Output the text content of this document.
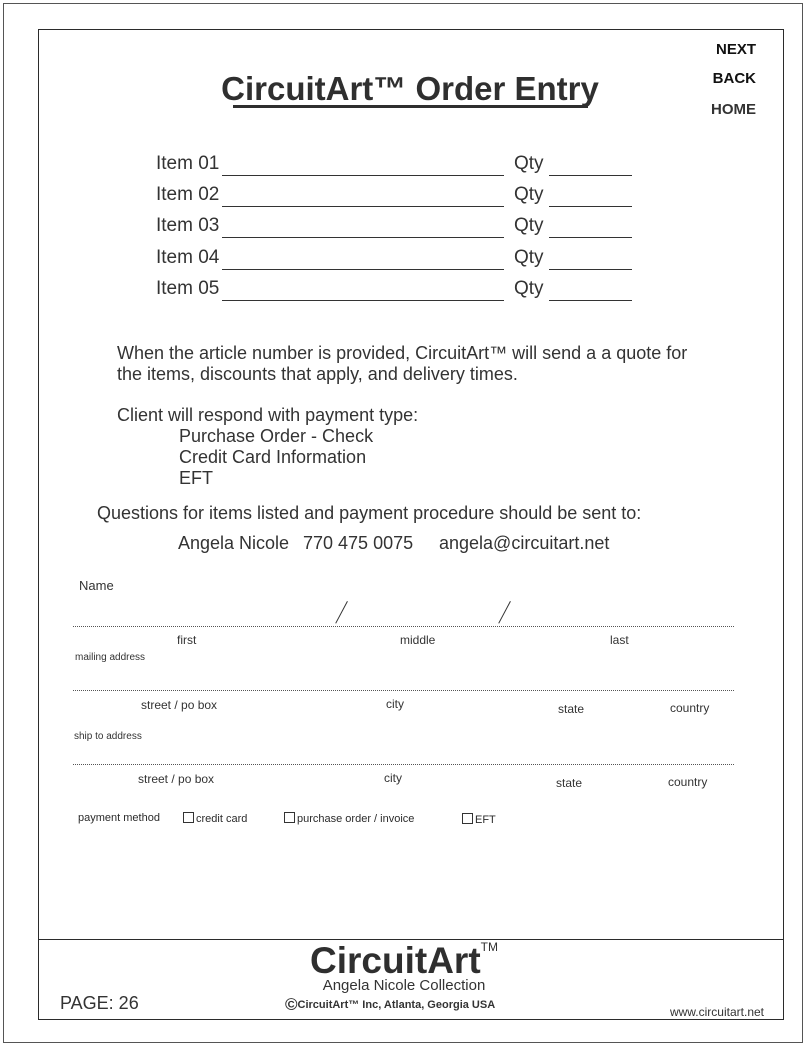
NEXT
BACK
HOME
CircuitArt™ Order Entry
Item 01	Qty
Item 02	Qty
Item 03	Qty
Item 04	Qty
Item 05	Qty
When the article number is provided, CircuitArt™ will send a a quote for
the items, discounts that apply, and delivery times.
Client will respond with payment type:
Purchase Order - Check
Credit Card Information
EFT
Questions for items listed and payment procedure should be sent to:
Angela Nicole 770 475 0075 angela@circuitart.net
Name
first	middle	last
mailing address
street / po box	city	state	country
ship to address
street / po box	city	state	country
payment method	credit card	purchase order / invoice	EFT
CircuitArt™
Angela Nicole Collection
©CircuitArt™ Inc, Atlanta, Georgia USA
PAGE: 26	www.circuitart.net
